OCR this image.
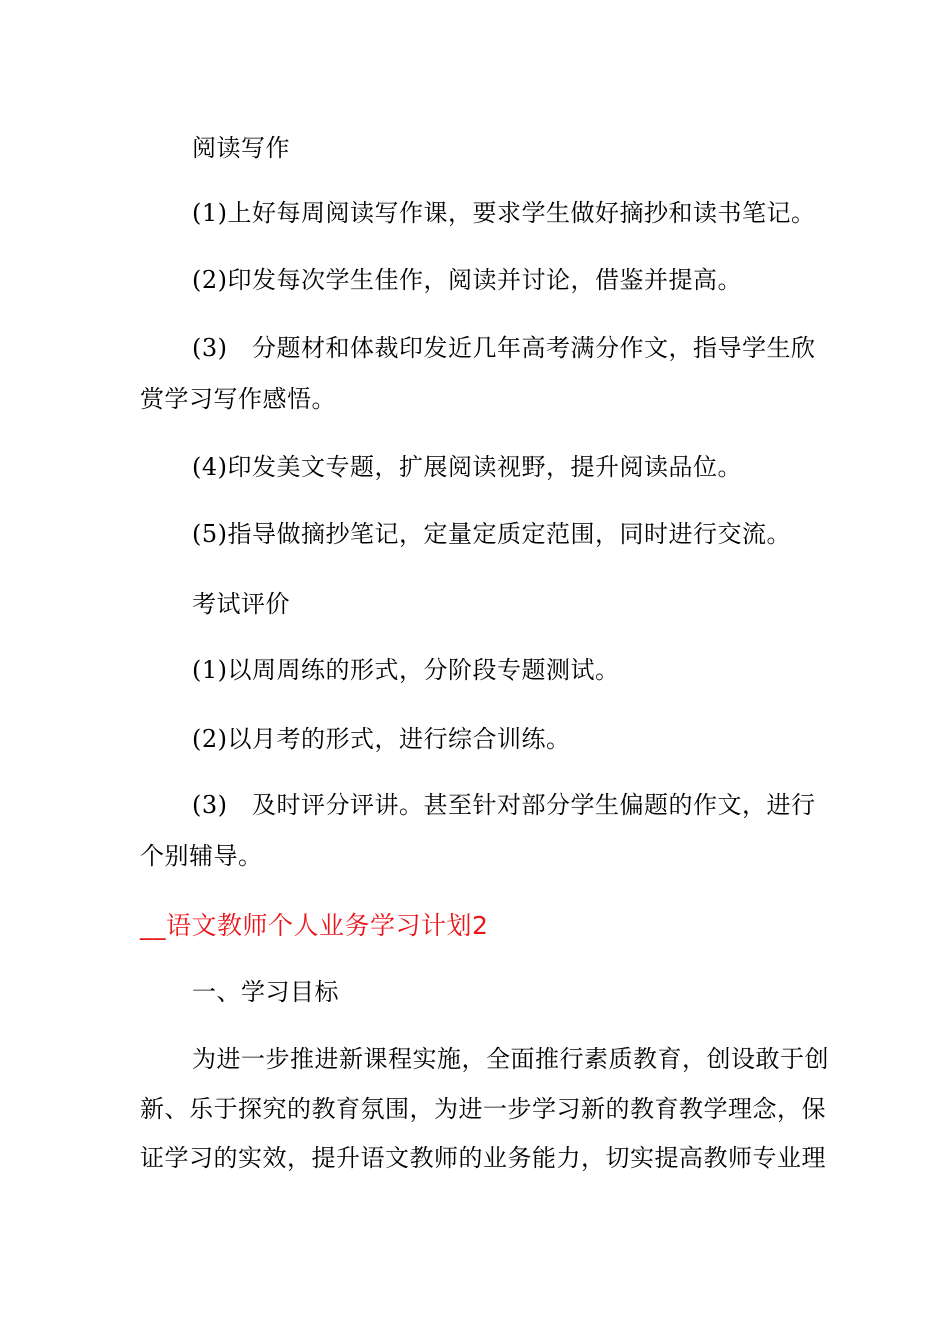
阅读写作
(1)上好每周阅读写作课，要求学生做好摘抄和读书笔记。
(2)印发每次学生佳作，阅读并讨论，借鉴并提高。
(3)　分题材和体裁印发近几年高考满分作文，指导学生欣
赏学习写作感悟。
(4)印发美文专题，扩展阅读视野，提升阅读品位。
(5)指导做摘抄笔记，定量定质定范围，同时进行交流。
考试评价
(1)以周周练的形式，分阶段专题测试。
(2)以月考的形式，进行综合训练。
(3)　及时评分评讲。甚至针对部分学生偏题的作文，进行
个别辅导。
__语文教师个人业务学习计划2
一、学习目标
为进一步推进新课程实施，全面推行素质教育，创设敢于创
新、乐于探究的教育氛围，为进一步学习新的教育教学理念，保
证学习的实效，提升语文教师的业务能力，切实提高教师专业理
